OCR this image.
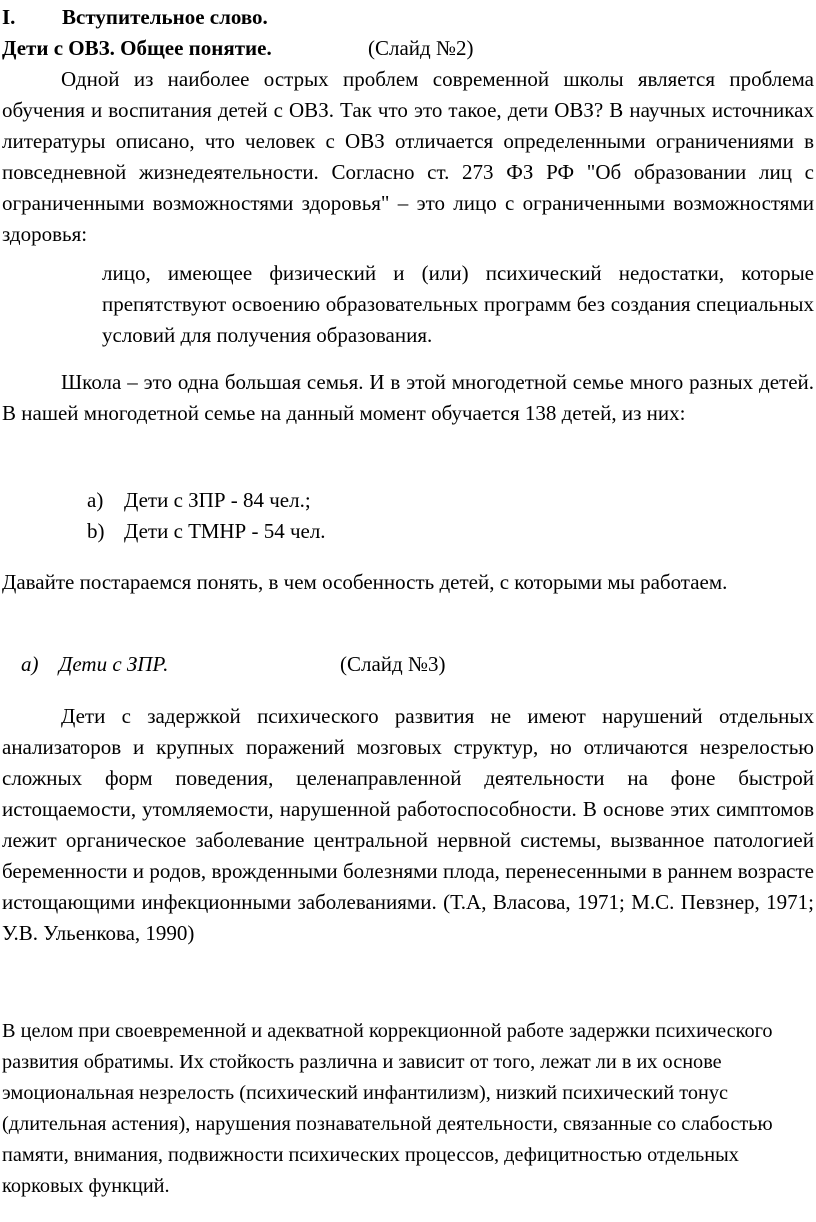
I. Вступительное слово.

Дети с ОВЗ. Общее понятие.	(Слайд №2)

Одной из наиболее острых проблем современной школы является проблема обучения и воспитания детей с ОВЗ. Так что это такое, дети ОВЗ? В научных источниках литературы описано, что человек с ОВЗ отличается определенными ограничениями в повседневной жизнедеятельности. Согласно ст. 273 ФЗ РФ "Об образовании лиц с ограниченными возможностями здоровья" – это лицо с ограниченными возможностями здоровья:

лицо, имеющее физический и (или) психический недостатки, которые препятствуют освоению образовательных программ без создания специальных условий для получения образования.

Школа – это одна большая семья. И в этой многодетной семье много разных детей. В нашей многодетной семье на данный момент обучается 138 детей, из них:

a) Дети с ЗПР - 84 чел.;

b) Дети с ТМНР - 54 чел.

Давайте постараемся понять, в чем особенность детей, с которыми мы работаем.

а) Дети с ЗПР.	(Слайд №3)

Дети с задержкой психического развития не имеют нарушений отдельных анализаторов и крупных поражений мозговых структур, но отличаются незрелостью сложных форм поведения, целенаправленной деятельности на фоне быстрой истощаемости, утомляемости, нарушенной работоспособности. В основе этих симптомов лежит органическое заболевание центральной нервной системы, вызванное патологией беременности и родов, врожденными болезнями плода, перенесенными в раннем возрасте истощающими инфекционными заболеваниями. (Т.А, Власова, 1971; М.С. Певзнер, 1971; У.В. Ульенкова, 1990)

В целом при своевременной и адекватной коррекционной работе задержки психического развития обратимы. Их стойкость различна и зависит от того, лежат ли в их основе эмоциональная незрелость (психический инфантилизм), низкий психический тонус (длительная астения), нарушения познавательной деятельности, связанные со слабостью памяти, внимания, подвижности психических процессов, дефицитностью отдельных корковых функций.
